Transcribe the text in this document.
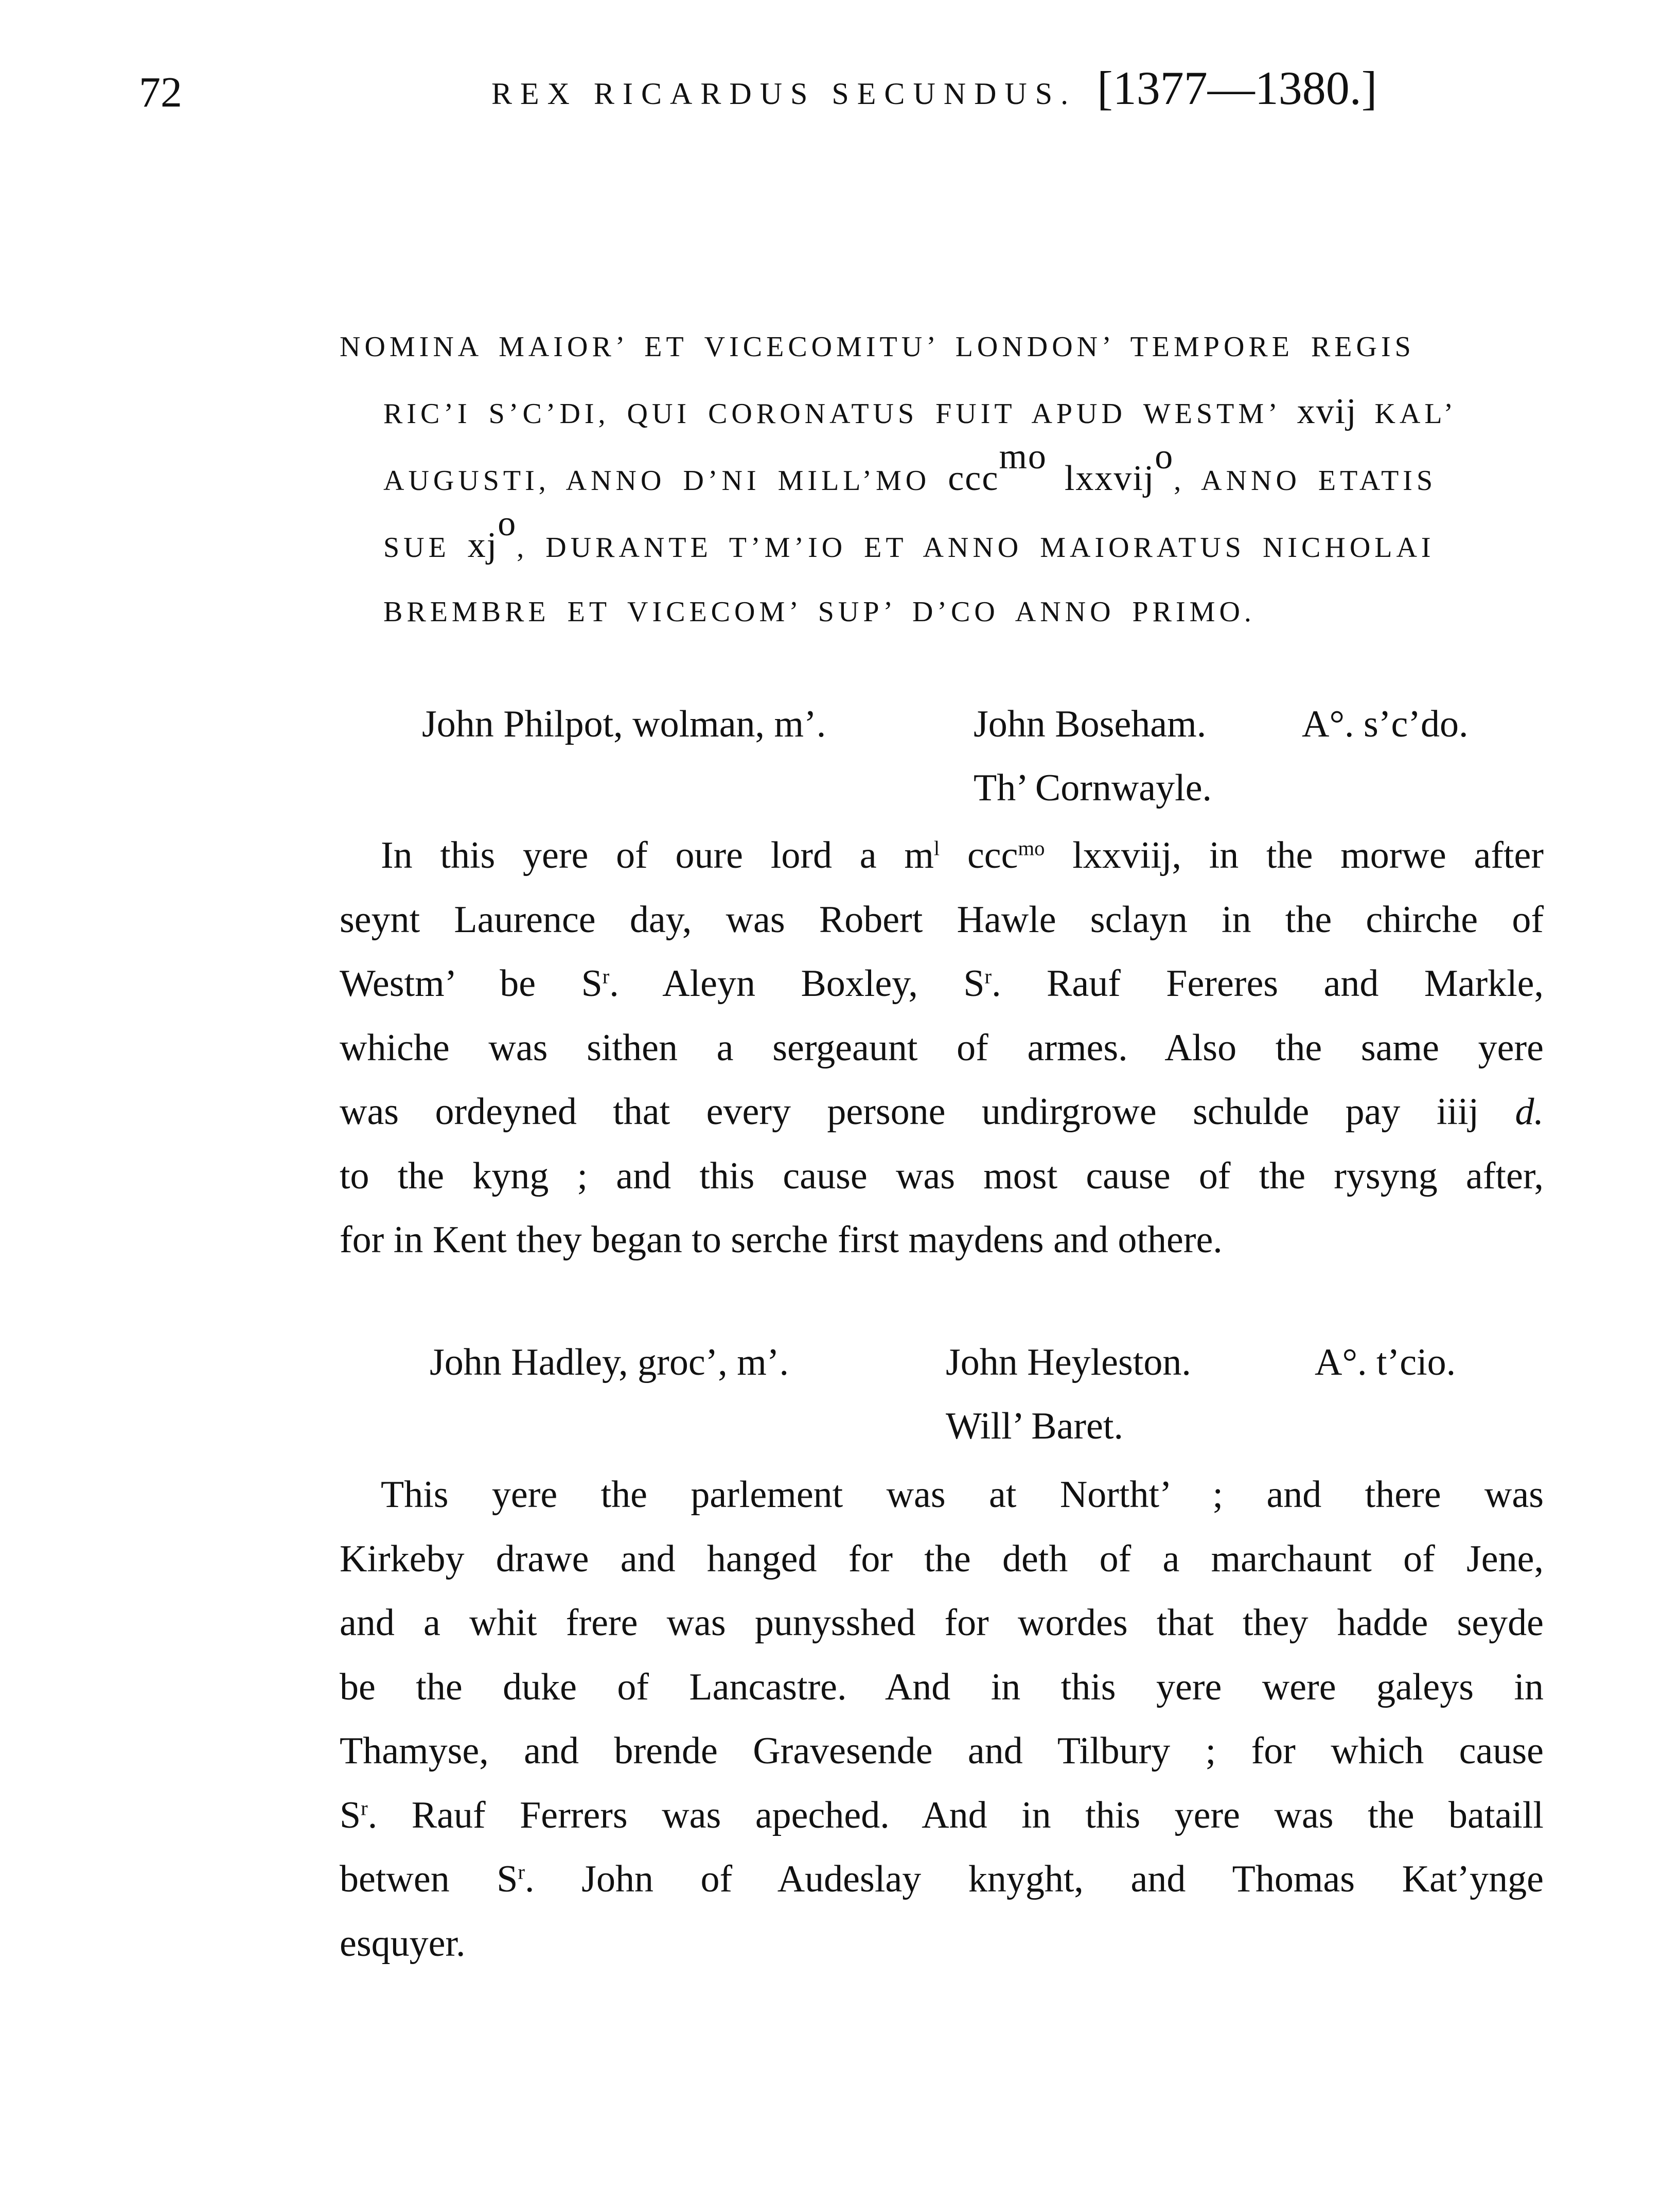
72	REX RICARDUS SECUNDUS. [1377—1380.]
NOMINA MAIOR’ ET VICECOMITU’ LONDON’ TEMPORE REGIS
RIC’I S’C’DI, QUI CORONATUS FUIT APUD WESTM’ xvij KAL’
AUGUSTI, ANNO D’NI MILL’MO ccc$^{mo}$ lxxvij$^o$, ANNO ETATIS
SUE $xj^o$, DURANTE T’M’IO ET ANNO MAIORATUS NICHOLAI
BREMBRE ET VICECOM’ SUP’ D’CO ANNO PRIMO.
John Philpot, wolman, m’.	John Boseham.	A°. s’c’do.
Th’ Cornwayle.
In this yere of oure lord a $m^l$ ccc$^{mo}$ lxxviij, in the morwe after
seynt Laurence day, was Robert Hawle sclayn in the chirche of
Westm’ be $S^r$. Aleyn Boxley, $S^r$. Rauf Fereres and Markle,
whiche was sithen a sergeaunt of armes. Also the same yere
was ordeyned that every persone undirgrowe schulde pay iiij d.
to the kyng ; and this cause was most cause of the rysyng after,
for in Kent they began to serche first maydens and othere.
John Hadley, groc’, m’.	John Heyleston.	A°. t’cio.
Will’ Baret.
This yere the parlement was at Northt’ ; and there was
Kirkeby drawe and hanged for the deth of a marchaunt of Jene,
and a whit frere was punysshed for wordes that they hadde seyde
be the duke of Lancastre. And in this yere were galeys in
Thamyse, and brende Gravesende and Tilbury ; for which cause
$S^r$. Rauf Ferrers was apeched. And in this yere was the bataill
betwen $S^r$. John of Audeslay knyght, and Thomas Kat’ynge
esquyer.
